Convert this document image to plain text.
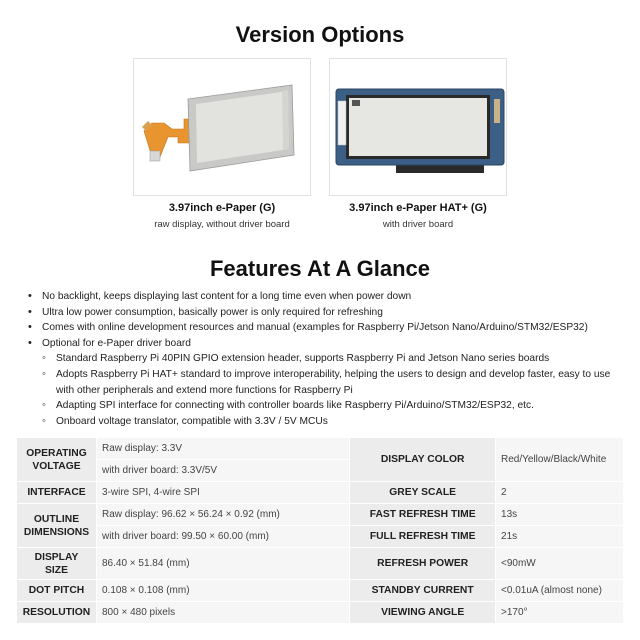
Version Options
3.97inch e-Paper (G)
raw display, without driver board
3.97inch e-Paper HAT+ (G)
with driver board
Features At A Glance
• No backlight, keeps displaying last content for a long time even when power down
• Ultra low power consumption, basically power is only required for refreshing
• Comes with online development resources and manual (examples for Raspberry Pi/Jetson Nano/Arduino/STM32/ESP32)
• Optional for e-Paper driver board
◦ Standard Raspberry Pi 40PIN GPIO extension header, supports Raspberry Pi and Jetson Nano series boards
◦ Adopts Raspberry Pi HAT+ standard to improve interoperability, helping the users to design and develop faster, easy to use with other peripherals and extend more functions for Raspberry Pi
◦ Adapting SPI interface for connecting with controller boards like Raspberry Pi/Arduino/STM32/ESP32, etc.
◦ Onboard voltage translator, compatible with 3.3V / 5V MCUs
OPERATING VOLTAGE	Raw display: 3.3V	DISPLAY COLOR	Red/Yellow/Black/White
	with driver board: 3.3V/5V		
INTERFACE	3-wire SPI, 4-wire SPI	GREY SCALE	2
OUTLINE DIMENSIONS	Raw display: 96.62 × 56.24 × 0.92 (mm)	FAST REFRESH TIME	13s
	with driver board: 99.50 × 60.00 (mm)	FULL REFRESH TIME	21s
DISPLAY SIZE	86.40 × 51.84 (mm)	REFRESH POWER	<90mW
DOT PITCH	0.108 × 0.108 (mm)	STANDBY CURRENT	<0.01uA (almost none)
RESOLUTION	800 × 480 pixels	VIEWING ANGLE	>170°
